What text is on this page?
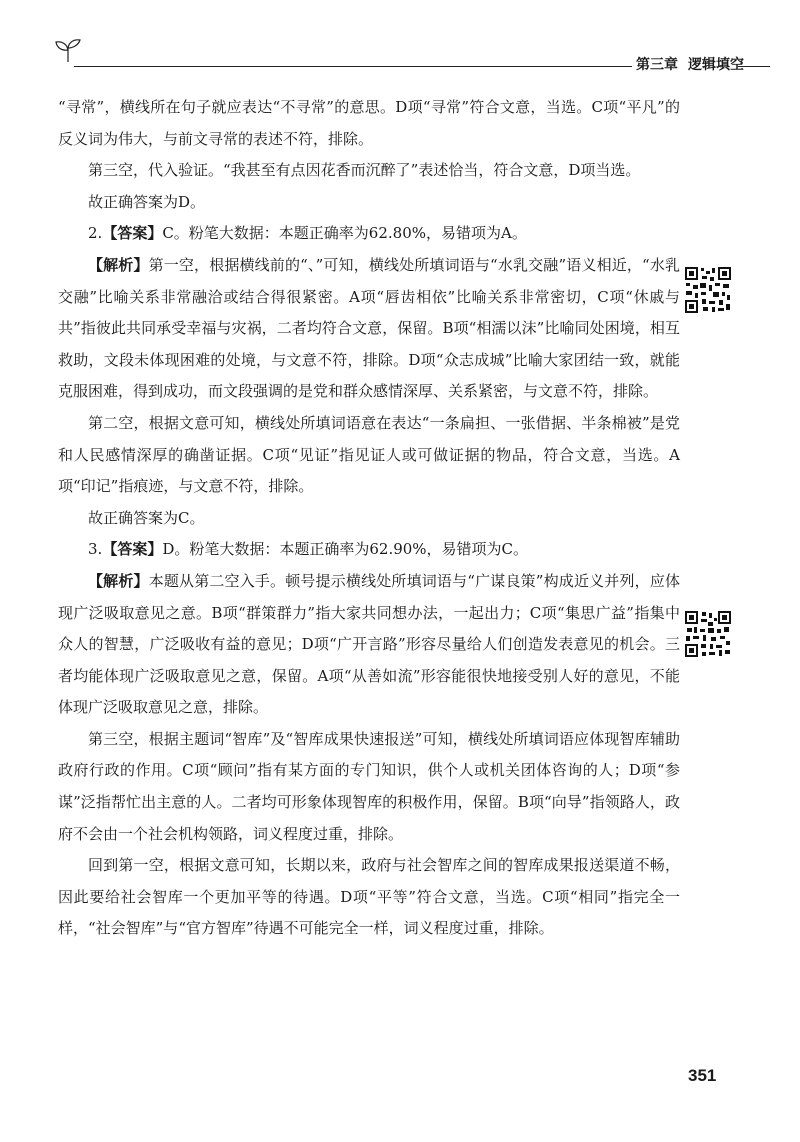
第三章 逻辑填空

“寻常”，横线所在句子就应表达“不寻常”的意思。D项“寻常”符合文意，当选。C项“平凡”的反义词为伟大，与前文寻常的表述不符，排除。

第三空，代入验证。“我甚至有点因花香而沉醉了”表述恰当，符合文意，D项当选。

故正确答案为D。

2.【答案】C。粉笔大数据：本题正确率为62.80%，易错项为A。

【解析】第一空，根据横线前的“、”可知，横线处所填词语与“水乳交融”语义相近，“水乳交融”比喻关系非常融洽或结合得很紧密。A项“唇齿相依”比喻关系非常密切，C项“休戚与共”指彼此共同承受幸福与灾祸，二者均符合文意，保留。B项“相濡以沫”比喻同处困境，相互救助，文段未体现困难的处境，与文意不符，排除。D项“众志成城”比喻大家团结一致，就能克服困难，得到成功，而文段强调的是党和群众感情深厚、关系紧密，与文意不符，排除。

第二空，根据文意可知，横线处所填词语意在表达“一条扁担、一张借据、半条棉被”是党和人民感情深厚的确凿证据。C项“见证”指见证人或可做证据的物品，符合文意，当选。A项“印记”指痕迹，与文意不符，排除。

故正确答案为C。

3.【答案】D。粉笔大数据：本题正确率为62.90%，易错项为C。

【解析】本题从第二空入手。顿号提示横线处所填词语与“广谋良策”构成近义并列，应体现广泛吸取意见之意。B项“群策群力”指大家共同想办法，一起出力；C项“集思广益”指集中众人的智慧，广泛吸收有益的意见；D项“广开言路”形容尽量给人们创造发表意见的机会。三者均能体现广泛吸取意见之意，保留。A项“从善如流”形容能很快地接受别人好的意见，不能体现广泛吸取意见之意，排除。

第三空，根据主题词“智库”及“智库成果快速报送”可知，横线处所填词语应体现智库辅助政府行政的作用。C项“顾问”指有某方面的专门知识，供个人或机关团体咨询的人；D项“参谋”泛指帮忙出主意的人。二者均可形象体现智库的积极作用，保留。B项“向导”指领路人，政府不会由一个社会机构领路，词义程度过重，排除。

回到第一空，根据文意可知，长期以来，政府与社会智库之间的智库成果报送渠道不畅，因此要给社会智库一个更加平等的待遇。D项“平等”符合文意，当选。C项“相同”指完全一样，“社会智库”与“官方智库”待遇不可能完全一样，词义程度过重，排除。

351
